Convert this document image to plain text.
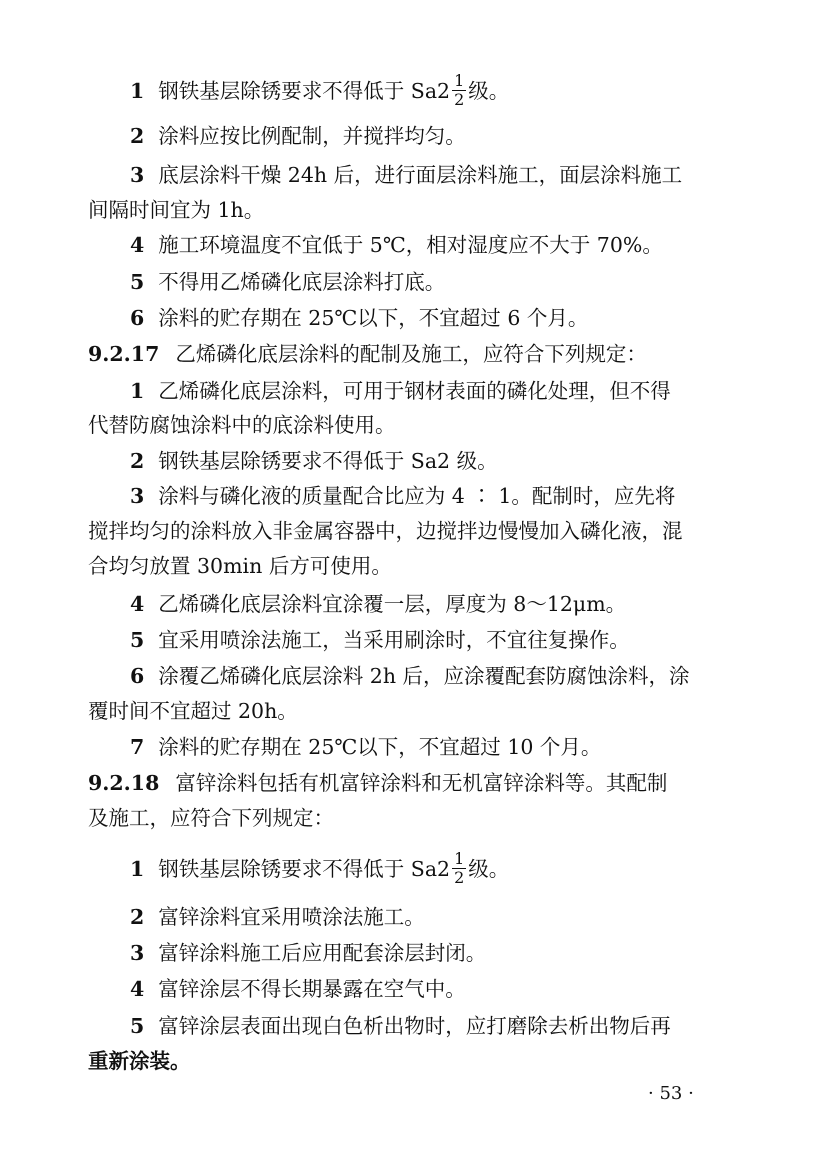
1 钢铁基层除锈要求不得低于 $Sa2 \frac{1}{2}$ 级。
2 涂料应按比例配制，并搅拌均匀。
3 底层涂料干燥 24h 后，进行面层涂料施工，面层涂料施工
间隔时间宜为 1h。
4 施工环境温度不宜低于 5℃，相对湿度应不大于 70%。
5 不得用乙烯磷化底层涂料打底。
6 涂料的贮存期在 25℃以下，不宜超过 6 个月。
9.2.17 乙烯磷化底层涂料的配制及施工，应符合下列规定：
1 乙烯磷化底层涂料，可用于钢材表面的磷化处理，但不得
代替防腐蚀涂料中的底涂料使用。
2 钢铁基层除锈要求不得低于 Sa2 级。
3 涂料与磷化液的质量配合比应为 4 ∶ 1。配制时，应先将
搅拌均匀的涂料放入非金属容器中，边搅拌边慢慢加入磷化液，混
合均匀放置 30min 后方可使用。
4 乙烯磷化底层涂料宜涂覆一层，厚度为 8～12μm。
5 宜采用喷涂法施工，当采用刷涂时，不宜往复操作。
6 涂覆乙烯磷化底层涂料 2h 后，应涂覆配套防腐蚀涂料，涂
覆时间不宜超过 20h。
7 涂料的贮存期在 25℃以下，不宜超过 10 个月。
9.2.18 富锌涂料包括有机富锌涂料和无机富锌涂料等。其配制
及施工，应符合下列规定：
1 钢铁基层除锈要求不得低于 $Sa2 \frac{1}{2}$ 级。
2 富锌涂料宜采用喷涂法施工。
3 富锌涂料施工后应用配套涂层封闭。
4 富锌涂层不得长期暴露在空气中。
5 富锌涂层表面出现白色析出物时，应打磨除去析出物后再
重新涂装。
· 53 ·
